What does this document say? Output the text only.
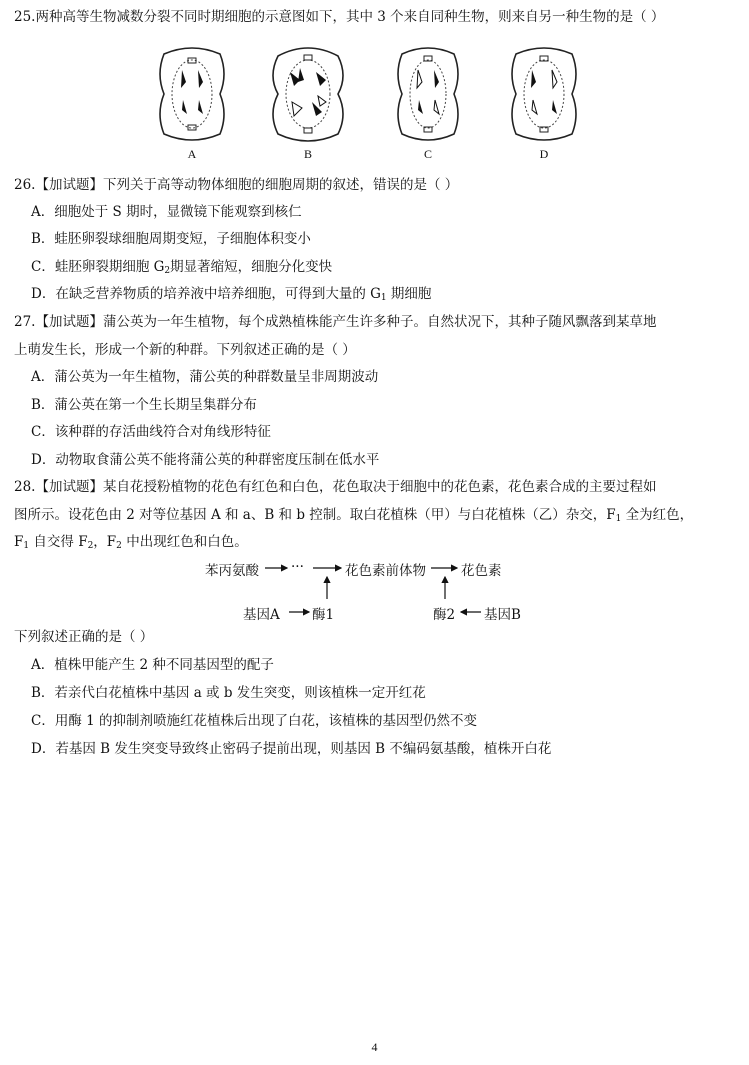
25.两种高等生物减数分裂不同时期细胞的示意图如下，其中 3 个来自同种生物，则来自另一种生物的是（ ）
A	B	C	D
26.【加试题】下列关于高等动物体细胞的细胞周期的叙述，错误的是（ ）
A．细胞处于 S 期时，显微镜下能观察到核仁
B．蛙胚卵裂球细胞周期变短，子细胞体积变小
C．蛙胚卵裂期细胞 $G_2$期显著缩短，细胞分化变快
D．在缺乏营养物质的培养液中培养细胞，可得到大量的 $G_1$ 期细胞
27.【加试题】蒲公英为一年生植物，每个成熟植株能产生许多种子。自然状况下，其种子随风飘落到某草地
上萌发生长，形成一个新的种群。下列叙述正确的是（ ）
A．蒲公英为一年生植物，蒲公英的种群数量呈非周期波动
B．蒲公英在第一个生长期呈集群分布
C．该种群的存活曲线符合对角线形特征
D．动物取食蒲公英不能将蒲公英的种群密度压制在低水平
28.【加试题】某自花授粉植物的花色有红色和白色，花色取决于细胞中的花色素，花色素合成的主要过程如
图所示。设花色由 2 对等位基因 A 和 a、B 和 b 控制。取白花植株（甲）与白花植株（乙）杂交，$F_1$ 全为红色，
$F_1$ 自交得 $F_2$，$F_2$ 中出现红色和白色。
苯丙氨酸 ···	花色素前体物	花色素
基因A 酶1	酶2 基因B
下列叙述正确的是（ ）
A．植株甲能产生 2 种不同基因型的配子
B．若亲代白花植株中基因 a 或 b 发生突变，则该植株一定开红花
C．用酶 1 的抑制剂喷施红花植株后出现了白花，该植株的基因型仍然不变
D．若基因 B 发生突变导致终止密码子提前出现，则基因 B 不编码氨基酸，植株开白花
4
